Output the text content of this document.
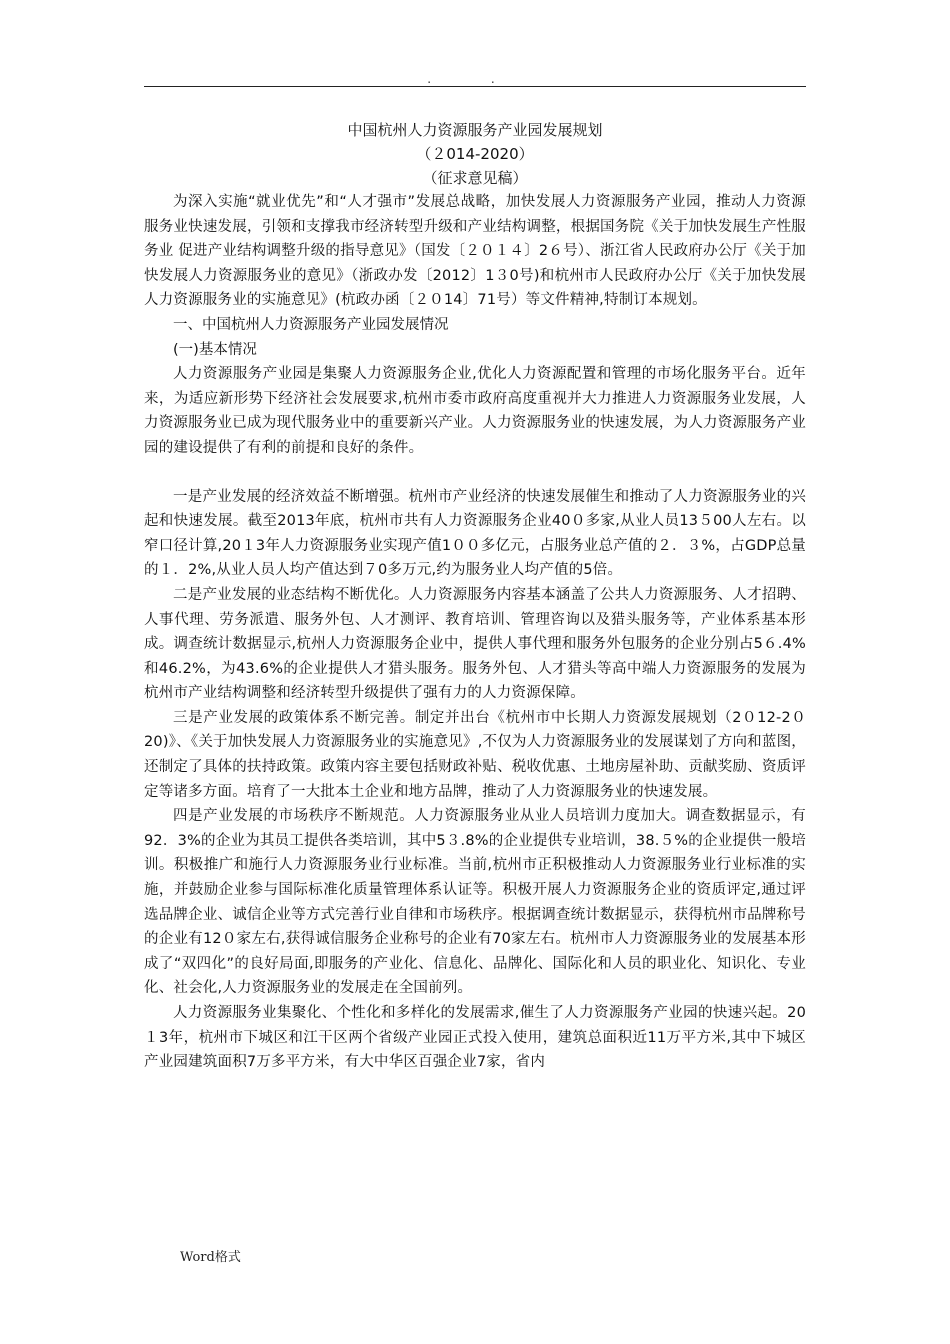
. .
中国杭州人力资源服务产业园发展规划
（２014-2020）
（征求意见稿）

为深入实施“就业优先”和“人才强市”发展总战略，加快发展人力资源服务产业园，推动人力资源服务业快速发展，引领和支撑我市经济转型升级和产业结构调整，根据国务院《关于加快发展生产性服务业 促进产业结构调整升级的指导意见》（国发〔２０１４〕2６号）、浙江省人民政府办公厅《关于加快发展人力资源服务业的意见》（浙政办发〔2012〕1３0号)和杭州市人民政府办公厅《关于加快发展人力资源服务业的实施意见》(杭政办函〔２０14〕71号）等文件精神,特制订本规划。

一、中国杭州人力资源服务产业园发展情况

(一)基本情况

人力资源服务产业园是集聚人力资源服务企业,优化人力资源配置和管理的市场化服务平台。近年来，为适应新形势下经济社会发展要求,杭州市委市政府高度重视并大力推进人力资源服务业发展，人力资源服务业已成为现代服务业中的重要新兴产业。人力资源服务业的快速发展，为人力资源服务产业园的建设提供了有利的前提和良好的条件。

一是产业发展的经济效益不断增强。杭州市产业经济的快速发展催生和推动了人力资源服务业的兴起和快速发展。截至2013年底，杭州市共有人力资源服务企业40０多家,从业人员13５00人左右。以窄口径计算,20１3年人力资源服务业实现产值1００多亿元，占服务业总产值的２．３%，占GDP总量的１．2%,从业人员人均产值达到７0多万元,约为服务业人均产值的5倍。

二是产业发展的业态结构不断优化。人力资源服务内容基本涵盖了公共人力资源服务、人才招聘、人事代理、劳务派遣、服务外包、人才测评、教育培训、管理咨询以及猎头服务等，产业体系基本形成。调查统计数据显示,杭州人力资源服务企业中，提供人事代理和服务外包服务的企业分别占5６.4%和46.2%，为43.6%的企业提供人才猎头服务。服务外包、人才猎头等高中端人力资源服务的发展为杭州市产业结构调整和经济转型升级提供了强有力的人力资源保障。

三是产业发展的政策体系不断完善。制定并出台《杭州市中长期人力资源发展规划（2０12-2０20)》、《关于加快发展人力资源服务业的实施意见》,不仅为人力资源服务业的发展谋划了方向和蓝图，还制定了具体的扶持政策。政策内容主要包括财政补贴、税收优惠、土地房屋补助、贡献奖励、资质评定等诸多方面。培育了一大批本土企业和地方品牌，推动了人力资源服务业的快速发展。

四是产业发展的市场秩序不断规范。人力资源服务业从业人员培训力度加大。调查数据显示，有92．3%的企业为其员工提供各类培训，其中5３.8%的企业提供专业培训，38.５%的企业提供一般培训。积极推广和施行人力资源服务业行业标准。当前,杭州市正积极推动人力资源服务业行业标准的实施，并鼓励企业参与国际标准化质量管理体系认证等。积极开展人力资源服务企业的资质评定,通过评选品牌企业、诚信企业等方式完善行业自律和市场秩序。根据调查统计数据显示，获得杭州市品牌称号的企业有12０家左右,获得诚信服务企业称号的企业有70家左右。杭州市人力资源服务业的发展基本形成了“双四化”的良好局面,即服务的产业化、信息化、品牌化、国际化和人员的职业化、知识化、专业化、社会化,人力资源服务业的发展走在全国前列。

人力资源服务业集聚化、个性化和多样化的发展需求,催生了人力资源服务产业园的快速兴起。20１3年，杭州市下城区和江干区两个省级产业园正式投入使用，建筑总面积近11万平方米,其中下城区产业园建筑面积7万多平方米，有大中华区百强企业7家，省内

Word格式
